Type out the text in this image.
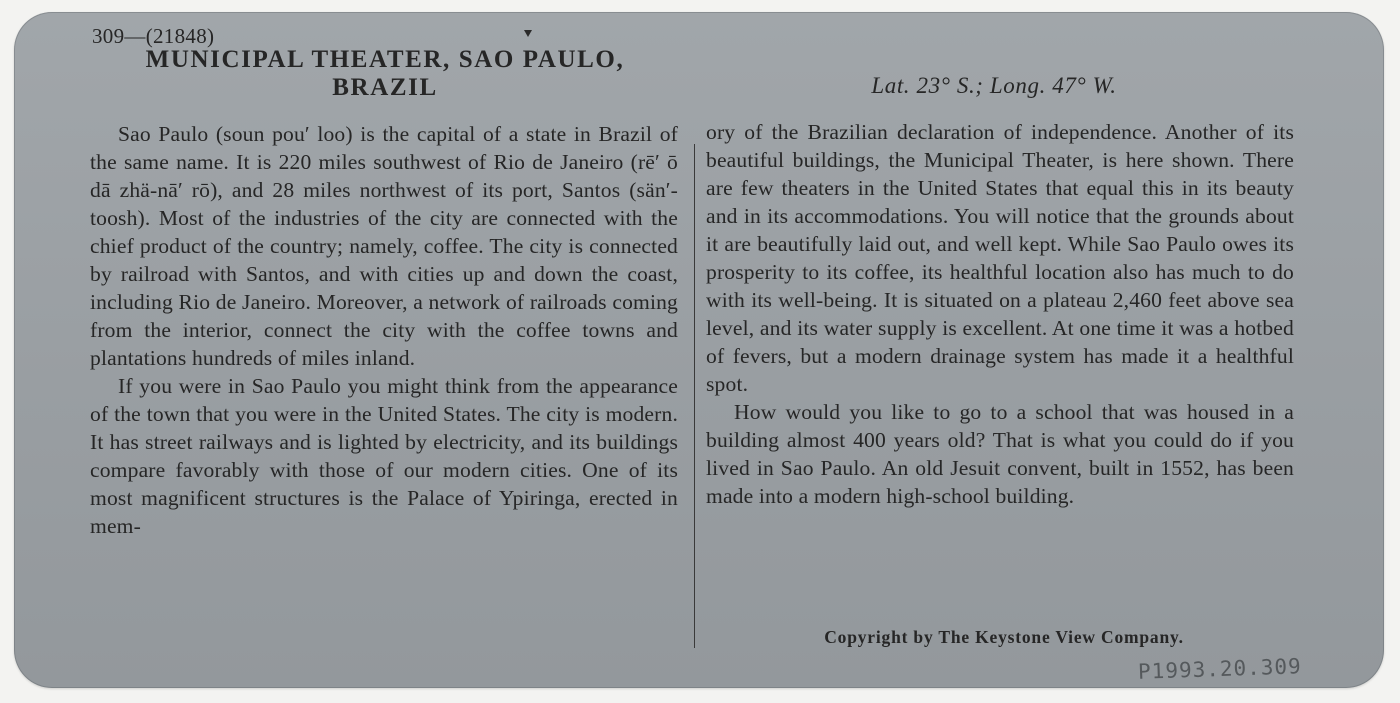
309—(21848)
MUNICIPAL THEATER, SAO PAULO, BRAZIL	Lat. 23° S.; Long. 47° W.

Sao Paulo (soun pou′ loo) is the capital of a state in Brazil of the same name. It is 220 miles southwest of Rio de Janeiro (rē′ ō dā zhä-nā′ rō), and 28 miles northwest of its port, Santos (sän′-toosh). Most of the industries of the city are connected with the chief product of the country; namely, coffee. The city is connected by railroad with Santos, and with cities up and down the coast, including Rio de Janeiro. Moreover, a network of railroads coming from the interior, connect the city with the coffee towns and plantations hundreds of miles inland.

If you were in Sao Paulo you might think from the appearance of the town that you were in the United States. The city is modern. It has street railways and is lighted by electricity, and its buildings compare favorably with those of our modern cities. One of its most magnificent structures is the Palace of Ypiringa, erected in mem-

ory of the Brazilian declaration of independence. Another of its beautiful buildings, the Municipal Theater, is here shown. There are few theaters in the United States that equal this in its beauty and in its accommodations. You will notice that the grounds about it are beautifully laid out, and well kept. While Sao Paulo owes its prosperity to its coffee, its healthful location also has much to do with its well-being. It is situated on a plateau 2,460 feet above sea level, and its water supply is excellent. At one time it was a hotbed of fevers, but a modern drainage system has made it a healthful spot.

How would you like to go to a school that was housed in a building almost 400 years old? That is what you could do if you lived in Sao Paulo. An old Jesuit convent, built in 1552, has been made into a modern high-school building.

Copyright by The Keystone View Company.
P1993.20.309
